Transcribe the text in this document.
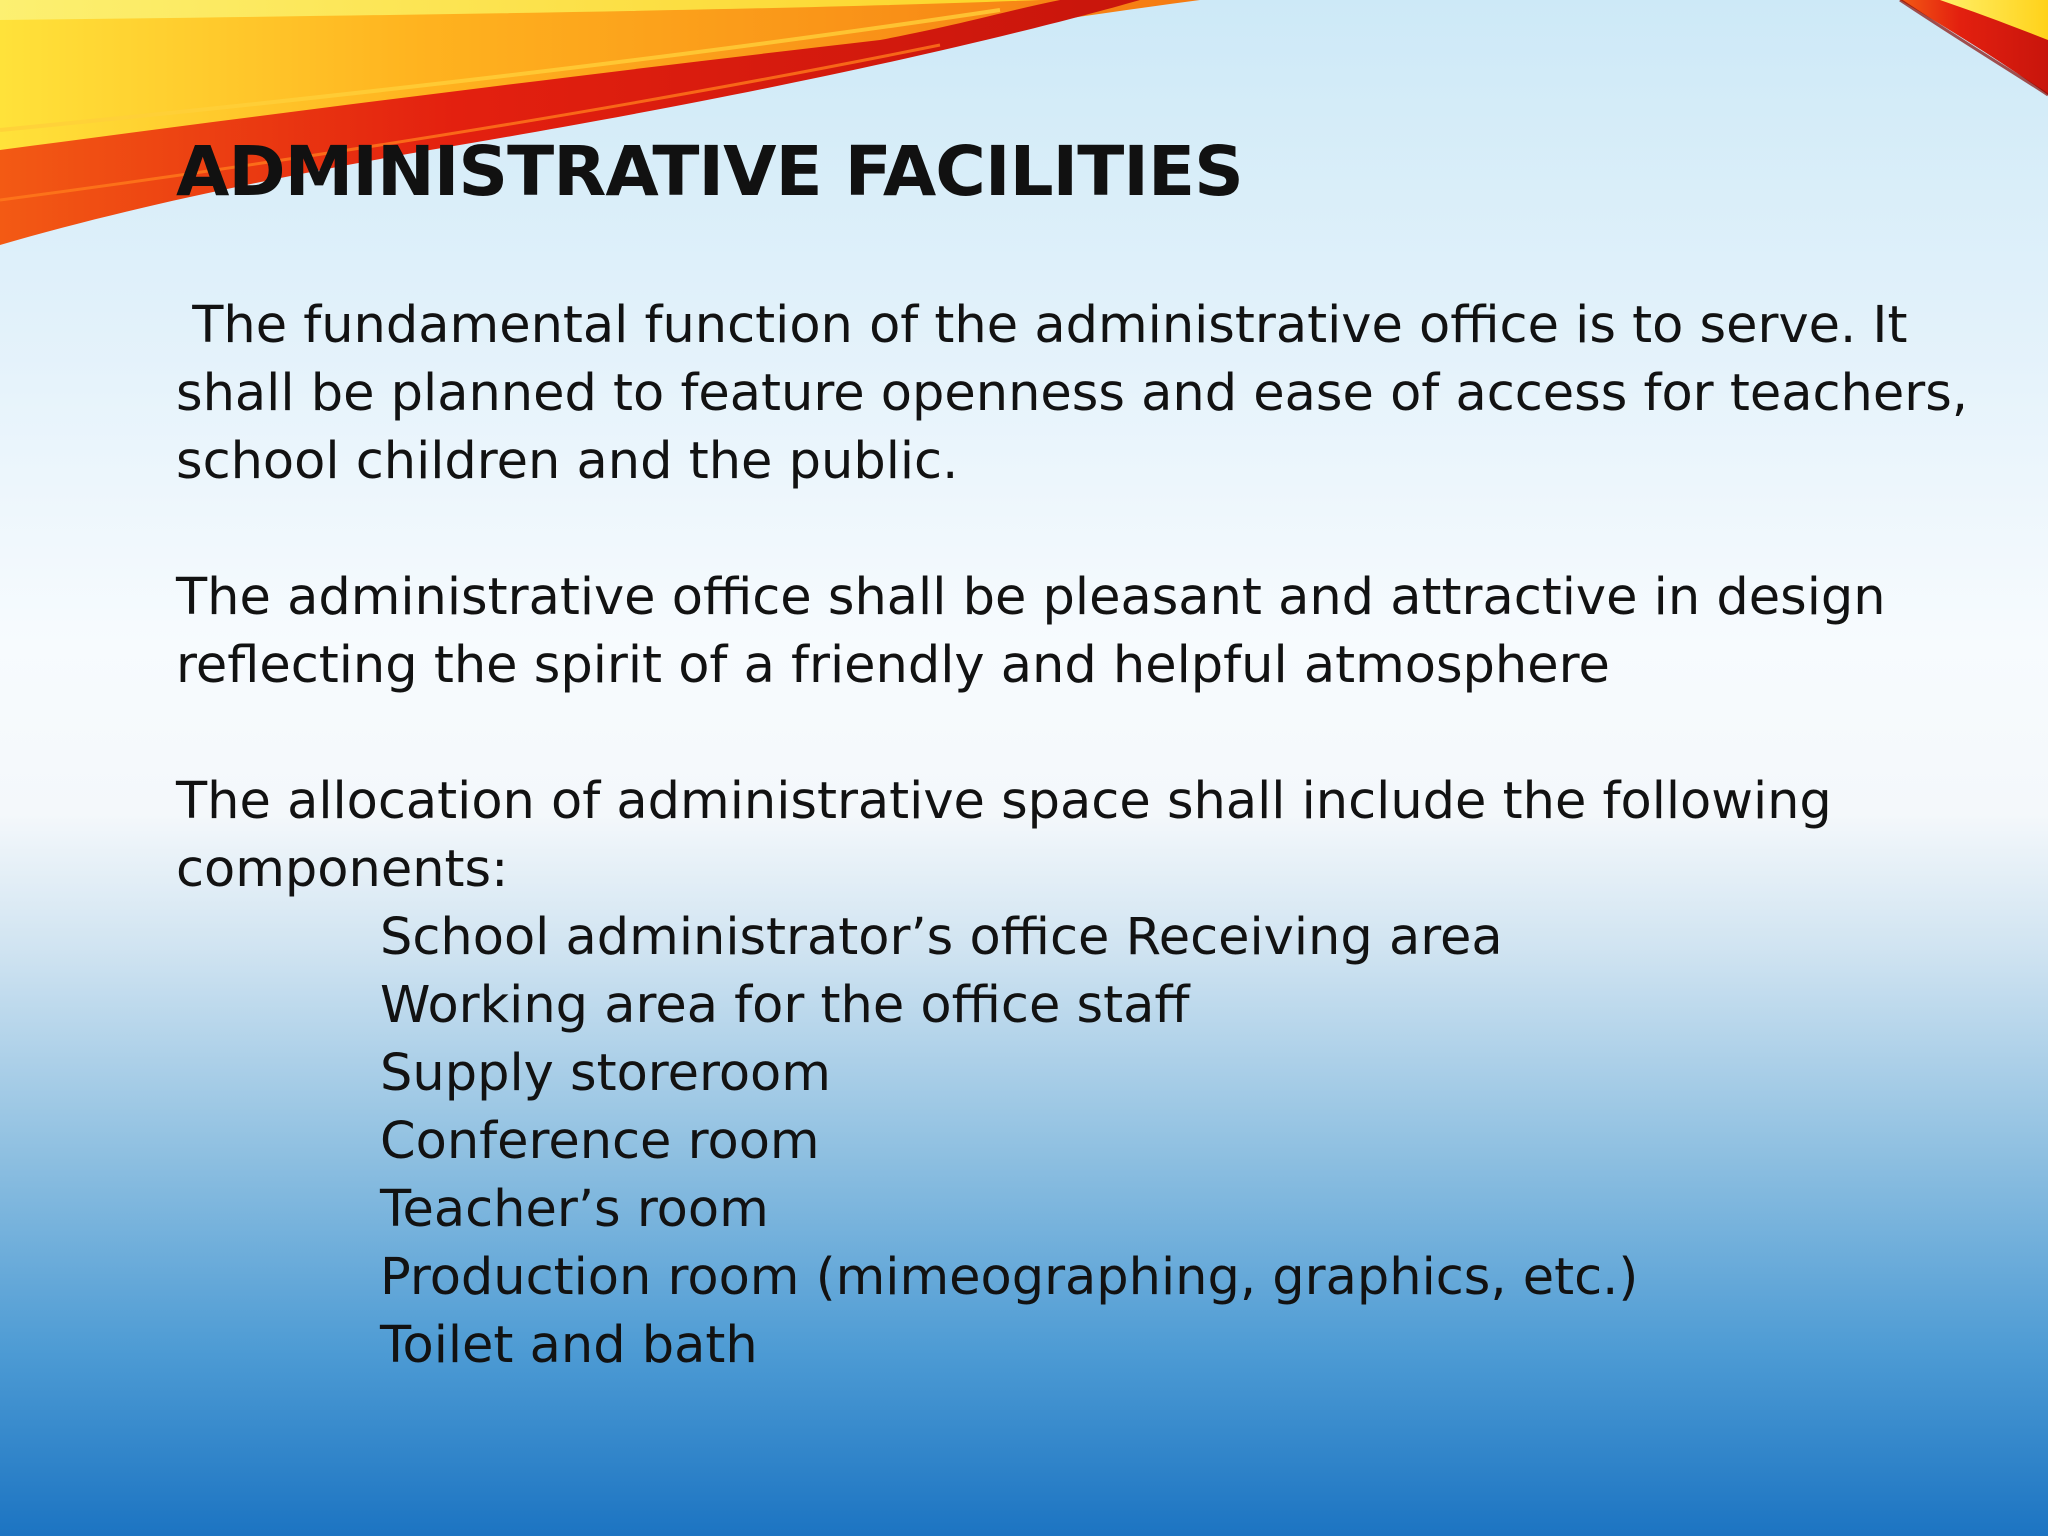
ADMINISTRATIVE FACILITIES

The fundamental function of the administrative office is to serve. It shall be planned to feature openness and ease of access for teachers, school children and the public.

The administrative office shall be pleasant and attractive in design reflecting the spirit of a friendly and helpful atmosphere

The allocation of administrative space shall include the following components:

School administrator’s office Receiving area
Working area for the office staff
Supply storeroom
Conference room
Teacher’s room
Production room (mimeographing, graphics, etc.)
Toilet and bath
